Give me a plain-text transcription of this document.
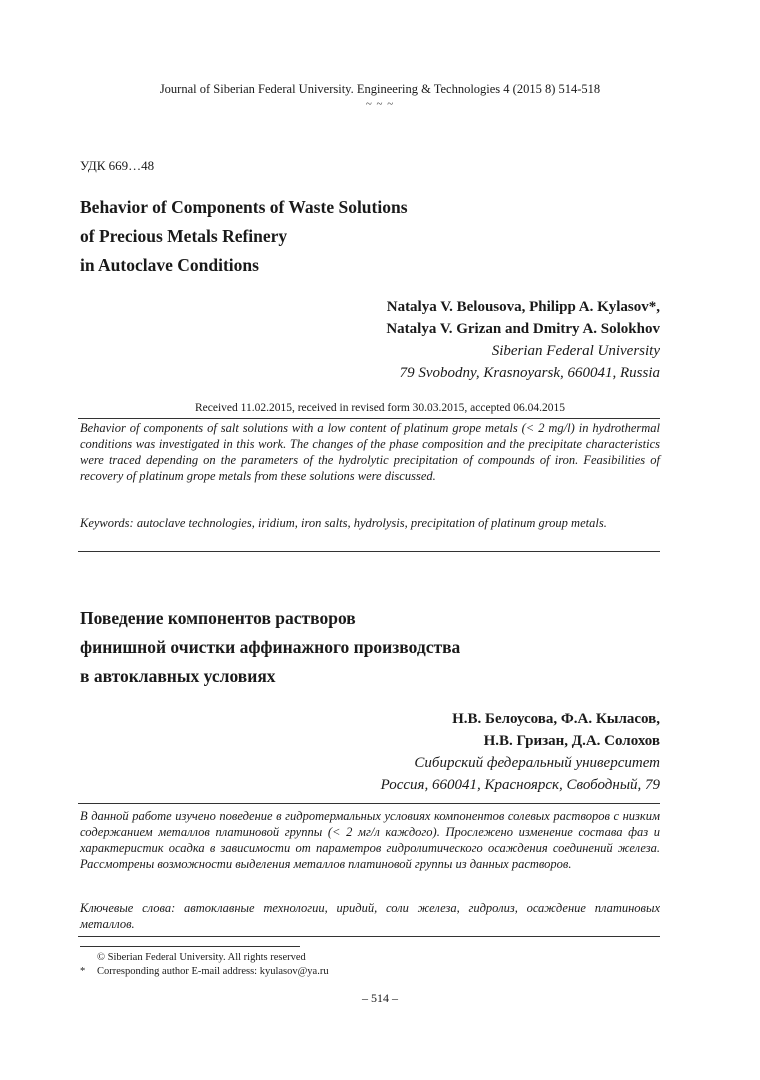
Journal of Siberian Federal University. Engineering & Technologies 4 (2015 8) 514-518
~ ~ ~
УДК 669…48
Behavior of Components of Waste Solutions
of Precious Metals Refinery
in Autoclave Conditions
Natalya V. Belousova, Philipp A. Kylasov*,
Natalya V. Grizan and Dmitry A. Solokhov
Siberian Federal University
79 Svobodny, Krasnoyarsk, 660041, Russia
Received 11.02.2015, received in revised form 30.03.2015, accepted 06.04.2015

Behavior of components of salt solutions with a low content of platinum grope metals (< 2 mg/l) in hydrothermal conditions was investigated in this work. The changes of the phase composition and the precipitate characteristics were traced depending on the parameters of the hydrolytic precipitation of compounds of iron. Feasibilities of recovery of platinum grope metals from these solutions were discussed.

Keywords: autoclave technologies, iridium, iron salts, hydrolysis, precipitation of platinum group metals.

Поведение компонентов растворов
финишной очистки аффинажного производства
в автоклавных условиях
Н.В. Белоусова, Ф.А. Кыласов,
Н.В. Гризан, Д.А. Солохов
Сибирский федеральный университет
Россия, 660041, Красноярск, Свободный, 79

В данной работе изучено поведение в гидротермальных условиях компонентов солевых растворов с низким содержанием металлов платиновой группы (< 2 мг/л каждого). Прослежено изменение состава фаз и характеристик осадка в зависимости от параметров гидролитического осаждения соединений железа. Рассмотрены возможности выделения металлов платиновой группы из данных растворов.

Ключевые слова: автоклавные технологии, иридий, соли железа, гидролиз, осаждение платиновых металлов.

© Siberian Federal University. All rights reserved
* Corresponding author E-mail address: kyulasov@ya.ru
– 514 –
